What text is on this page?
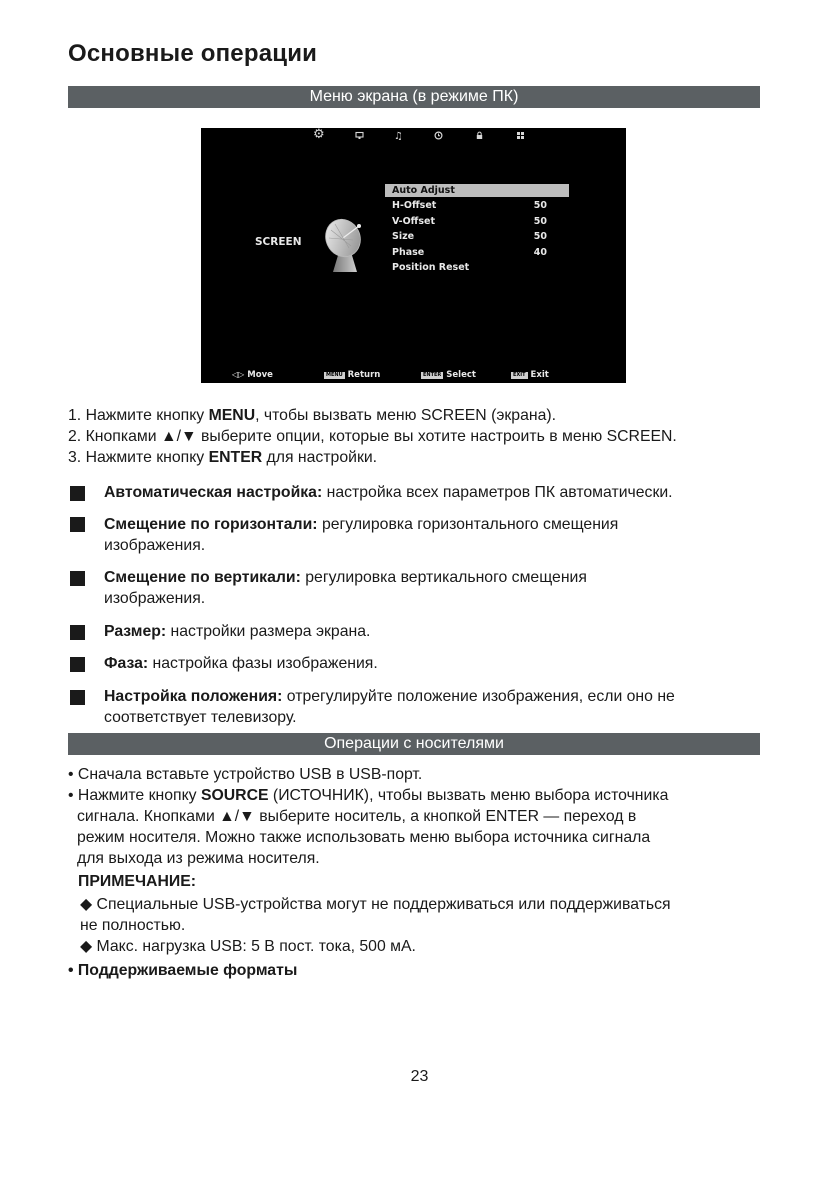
Основные операции
Меню экрана (в режиме ПК)
⚙	♫
SCREEN
Auto Adjust
H-Offset	50
V-Offset	50
Size	50
Phase	40
Position Reset
◁▷ Move	MENU Return	ENTER Select	EXIT Exit
1. Нажмите кнопку MENU, чтобы вызвать меню SCREEN (экрана).
2. Кнопками ▲/▼ выберите опции, которые вы хотите настроить в меню SCREEN.
3. Нажмите кнопку ENTER для настройки.
Автоматическая настройка: настройка всех параметров ПК автоматически.
Смещение по горизонтали: регулировка горизонтального смещения изображения.
Смещение по вертикали: регулировка вертикального смещения изображения.
Размер: настройки размера экрана.
Фаза: настройка фазы изображения.
Настройка положения: отрегулируйте положение изображения, если оно не соответствует телевизору.
Операции с носителями
• Сначала вставьте устройство USB в USB-порт.
• Нажмите кнопку SOURCE (ИСТОЧНИК), чтобы вызвать меню выбора источника
сигнала. Кнопками ▲/▼ выберите носитель, а кнопкой ENTER — переход в
режим носителя. Можно также использовать меню выбора источника сигнала
для выхода из режима носителя.
ПРИМЕЧАНИЕ:
◆ Специальные USB-устройства могут не поддерживаться или поддерживаться
не полностью.
◆ Макс. нагрузка USB: 5 В пост. тока, 500 мА.
• Поддерживаемые форматы
23
